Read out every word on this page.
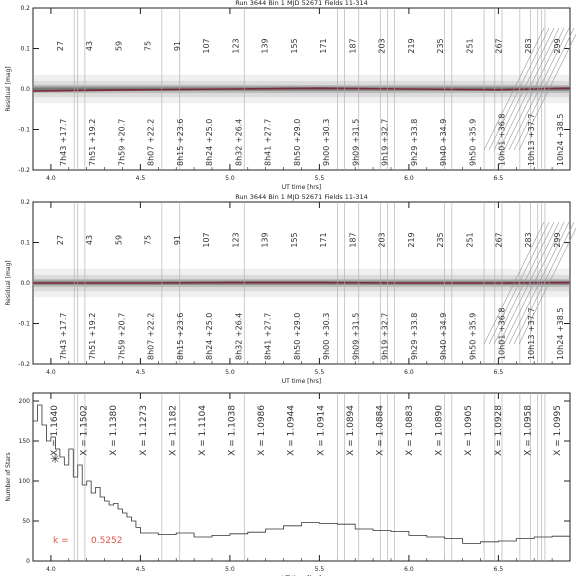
4.0	4.5	5.0	5.5	6.0	6.5
-0.2
-0.1
0.0
0.1
0.2
UT time [hrs]
Residual [mag]
Run 3644 Bin 1 MJD 52671 Fields 11-314
27
7h43 +17.7
43
7h51 +19.2
59
7h59 +20.7
75
8h07 +22.2
91
8h15 +23.6
107
8h24 +25.0
123
8h32 +26.4
139
8h41 +27.7
155
8h50 +29.0
171
9h00 +30.3
187
9h09 +31.5
203
9h19 +32.7
219
9h29 +33.8
235
9h40 +34.9
251
9h50 +35.9
267
10h01 +36.8
283
10h13 +37.7
299
10h24 +38.5
4.0	4.5	5.0	5.5	6.0	6.5
-0.2
-0.1
0.0
0.1
0.2
UT time [hrs]
Residual [mag]
Run 3644 Bin 1 MJD 52671 Fields 11-314
27
7h43 +17.7
43
7h51 +19.2
59
7h59 +20.7
75
8h07 +22.2
91
8h15 +23.6
107
8h24 +25.0
123
8h32 +26.4
139
8h41 +27.7
155
8h50 +29.0
171
9h00 +30.3
187
9h09 +31.5
203
9h19 +32.7
219
9h29 +33.8
235
9h40 +34.9
251
9h50 +35.9
267
10h01 +36.8
283
10h13 +37.7
299
10h24 +38.5
4.0	4.5	5.0	5.5	6.0	6.5
0
50
100
150
200
Number of Stars
X = 1.1640 X = 1.1502 X = 1.1380 X = 1.1273 X = 1.1182 X = 1.1104 X = 1.1038 X = 1.0986 X = 1.0944 X = 1.0914 X = 1.0894 X = 1.0884 X = 1.0883 X = 1.0890 X = 1.0905 X = 1.0928 X = 1.0958 X = 1.0995
✳
k = 0.5252
